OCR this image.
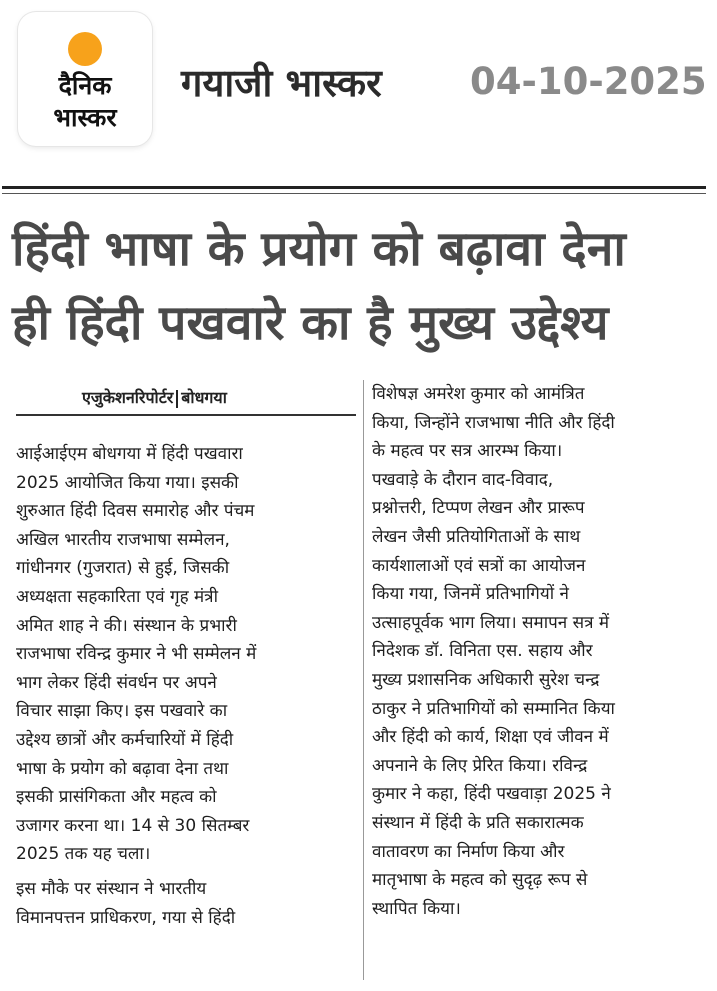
दैनिक
भास्कर
गयाजी भास्कर 04-10-2025
हिंदी भाषा के प्रयोग को बढ़ावा देना
ही हिंदी पखवारे का है मुख्य उद्देश्य
एजुकेशनरिपोर्टर बोधगया
आईआईएम बोधगया में हिंदी पखवारा
2025 आयोजित किया गया। इसकी
शुरुआत हिंदी दिवस समारोह और पंचम
अखिल भारतीय राजभाषा सम्मेलन,
गांधीनगर (गुजरात) से हुई, जिसकी
अध्यक्षता सहकारिता एवं गृह मंत्री
अमित शाह ने की। संस्थान के प्रभारी
राजभाषा रविन्द्र कुमार ने भी सम्मेलन में
भाग लेकर हिंदी संवर्धन पर अपने
विचार साझा किए। इस पखवारे का
उद्देश्य छात्रों और कर्मचारियों में हिंदी
भाषा के प्रयोग को बढ़ावा देना तथा
इसकी प्रासंगिकता और महत्व को
उजागर करना था। 14 से 30 सितम्बर
2025 तक यह चला।
इस मौके पर संस्थान ने भारतीय
विमानपत्तन प्राधिकरण, गया से हिंदी
विशेषज्ञ अमरेश कुमार को आमंत्रित
किया, जिन्होंने राजभाषा नीति और हिंदी
के महत्व पर सत्र आरम्भ किया।
पखवाड़े के दौरान वाद-विवाद,
प्रश्नोत्तरी, टिप्पण लेखन और प्रारूप
लेखन जैसी प्रतियोगिताओं के साथ
कार्यशालाओं एवं सत्रों का आयोजन
किया गया, जिनमें प्रतिभागियों ने
उत्साहपूर्वक भाग लिया। समापन सत्र में
निदेशक डॉ. विनिता एस. सहाय और
मुख्य प्रशासनिक अधिकारी सुरेश चन्द्र
ठाकुर ने प्रतिभागियों को सम्मानित किया
और हिंदी को कार्य, शिक्षा एवं जीवन में
अपनाने के लिए प्रेरित किया। रविन्द्र
कुमार ने कहा, हिंदी पखवाड़ा 2025 ने
संस्थान में हिंदी के प्रति सकारात्मक
वातावरण का निर्माण किया और
मातृभाषा के महत्व को सुदृढ़ रूप से
स्थापित किया।
